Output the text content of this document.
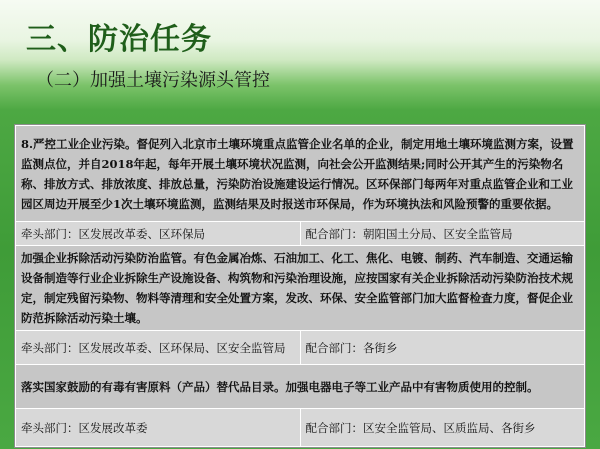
三、防治任务
（二）加强土壤污染源头管控
8.严控工业企业污染。督促列入北京市土壤环境重点监管企业名单的企业，制定用地土壤环境监测方案，设置监测点位，并自2018年起，每年开展土壤环境状况监测，向社会公开监测结果;同时公开其产生的污染物名称、排放方式、排放浓度、排放总量，污染防治设施建设运行情况。区环保部门每两年对重点监管企业和工业园区周边开展至少1次土壤环境监测，监测结果及时报送市环保局，作为环境执法和风险预警的重要依据。	
牵头部门：区发展改革委、区环保局	配合部门：朝阳国土分局、区安全监管局
加强企业拆除活动污染防治监管。有色金属冶炼、石油加工、化工、焦化、电镀、制药、汽车制造、交通运输设备制造等行业企业拆除生产设施设备、构筑物和污染治理设施，应按国家有关企业拆除活动污染防治技术规定，制定残留污染物、物料等清理和安全处置方案，发改、环保、安全监管部门加大监督检查力度，督促企业防范拆除活动污染土壤。	
牵头部门：区发展改革委、区环保局、区安全监管局	配合部门：各街乡
落实国家鼓励的有毒有害原料（产品）替代品目录。加强电器电子等工业产品中有害物质使用的控制。	
牵头部门：区发展改革委	配合部门：区安全监管局、区质监局、各街乡
